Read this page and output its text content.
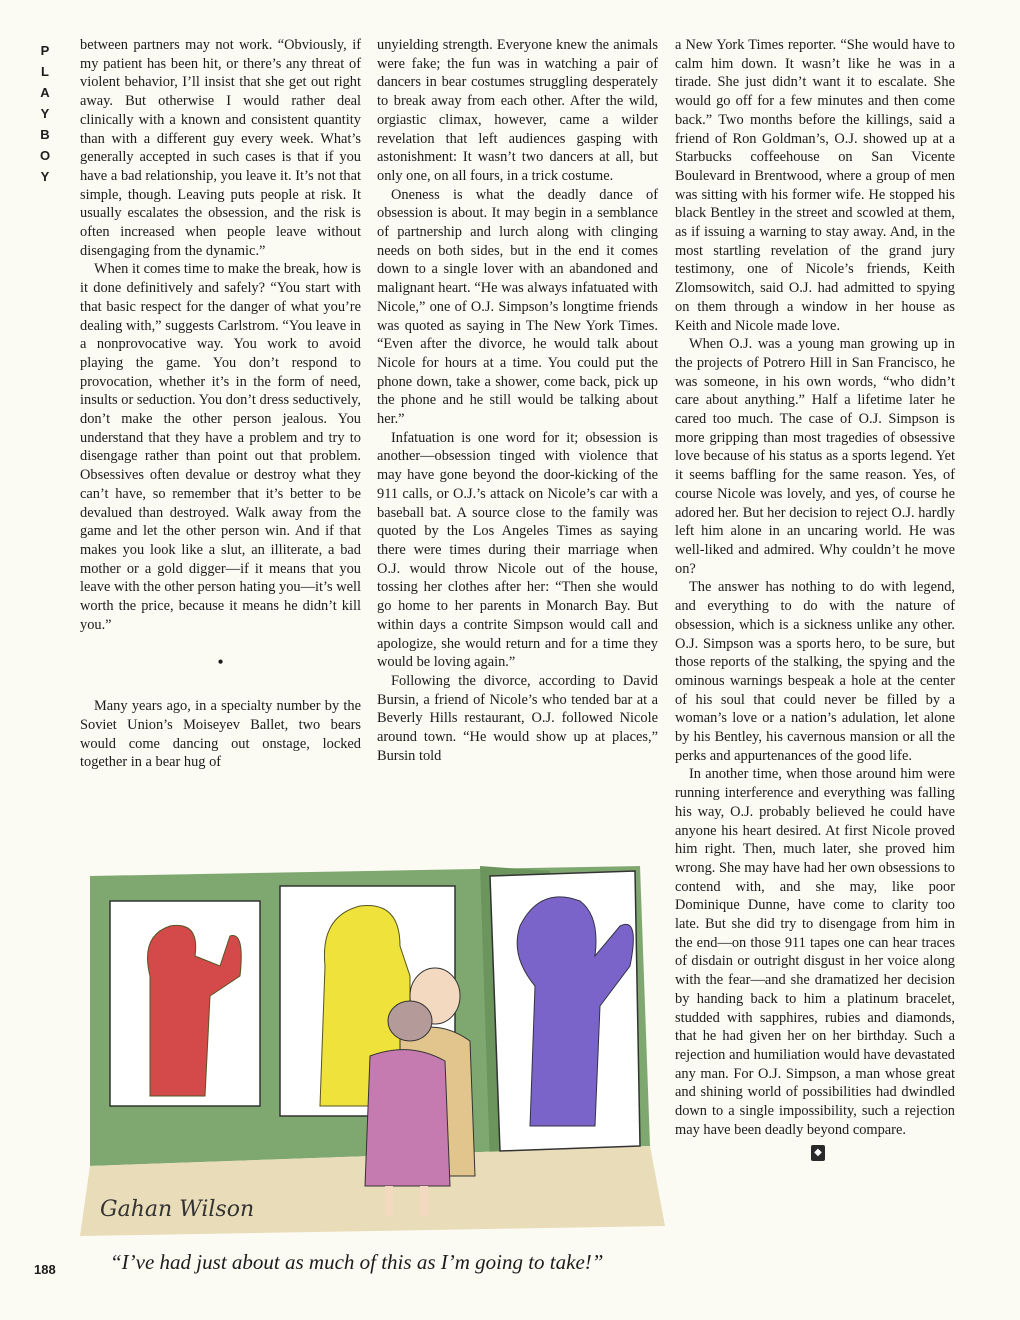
P
L
A
Y
B
O
Y

between partners may not work. “Obviously, if my patient has been hit, or there’s any threat of violent behavior, I’ll insist that she get out right away. But otherwise I would rather deal clinically with a known and consistent quantity than with a different guy every week. What’s generally accepted in such cases is that if you have a bad relationship, you leave it. It’s not that simple, though. Leaving puts people at risk. It usually escalates the obsession, and the risk is often increased when people leave without disengaging from the dynamic.”

When it comes time to make the break, how is it done definitively and safely? “You start with that basic respect for the danger of what you’re dealing with,” suggests Carlstrom. “You leave in a nonprovocative way. You work to avoid playing the game. You don’t respond to provocation, whether it’s in the form of need, insults or seduction. You don’t dress seductively, don’t make the other person jealous. You understand that they have a problem and try to disengage rather than point out that problem. Obsessives often devalue or destroy what they can’t have, so remember that it’s better to be devalued than destroyed. Walk away from the game and let the other person win. And if that makes you look like a slut, an illiterate, a bad mother or a gold digger—if it means that you leave with the other person hating you—it’s well worth the price, because it means he didn’t kill you.”

•

Many years ago, in a specialty number by the Soviet Union’s Moiseyev Ballet, two bears would come dancing out onstage, locked together in a bear hug of

unyielding strength. Everyone knew the animals were fake; the fun was in watching a pair of dancers in bear costumes struggling desperately to break away from each other. After the wild, orgiastic climax, however, came a wilder revelation that left audiences gasping with astonishment: It wasn’t two dancers at all, but only one, on all fours, in a trick costume.

Oneness is what the deadly dance of obsession is about. It may begin in a semblance of partnership and lurch along with clinging needs on both sides, but in the end it comes down to a single lover with an abandoned and malignant heart. “He was always infatuated with Nicole,” one of O.J. Simpson’s longtime friends was quoted as saying in The New York Times. “Even after the divorce, he would talk about Nicole for hours at a time. You could put the phone down, take a shower, come back, pick up the phone and he still would be talking about her.”

Infatuation is one word for it; obsession is another—obsession tinged with violence that may have gone beyond the door-kicking of the 911 calls, or O.J.’s attack on Nicole’s car with a baseball bat. A source close to the family was quoted by the Los Angeles Times as saying there were times during their marriage when O.J. would throw Nicole out of the house, tossing her clothes after her: “Then she would go home to her parents in Monarch Bay. But within days a contrite Simpson would call and apologize, she would return and for a time they would be loving again.”

Following the divorce, according to David Bursin, a friend of Nicole’s who tended bar at a Beverly Hills restaurant, O.J. followed Nicole around town. “He would show up at places,” Bursin told

a New York Times reporter. “She would have to calm him down. It wasn’t like he was in a tirade. She just didn’t want it to escalate. She would go off for a few minutes and then come back.” Two months before the killings, said a friend of Ron Goldman’s, O.J. showed up at a Starbucks coffeehouse on San Vicente Boulevard in Brentwood, where a group of men was sitting with his former wife. He stopped his black Bentley in the street and scowled at them, as if issuing a warning to stay away. And, in the most startling revelation of the grand jury testimony, one of Nicole’s friends, Keith Zlomsowitch, said O.J. had admitted to spying on them through a window in her house as Keith and Nicole made love.

When O.J. was a young man growing up in the projects of Potrero Hill in San Francisco, he was someone, in his own words, “who didn’t care about anything.” Half a lifetime later he cared too much. The case of O.J. Simpson is more gripping than most tragedies of obsessive love because of his status as a sports legend. Yet it seems baffling for the same reason. Yes, of course Nicole was lovely, and yes, of course he adored her. But her decision to reject O.J. hardly left him alone in an uncaring world. He was well-liked and admired. Why couldn’t he move on?

The answer has nothing to do with legend, and everything to do with the nature of obsession, which is a sickness unlike any other. O.J. Simpson was a sports hero, to be sure, but those reports of the stalking, the spying and the ominous warnings bespeak a hole at the center of his soul that could never be filled by a woman’s love or a nation’s adulation, let alone by his Bentley, his cavernous mansion or all the perks and appurtenances of the good life.

In another time, when those around him were running interference and everything was falling his way, O.J. probably believed he could have anyone his heart desired. At first Nicole proved him right. Then, much later, she proved him wrong. She may have had her own obsessions to contend with, and she may, like poor Dominique Dunne, have come to clarity too late. But she did try to disengage from him in the end—on those 911 tapes one can hear traces of disdain or outright disgust in her voice along with the fear—and she dramatized her decision by handing back to him a platinum bracelet, studded with sapphires, rubies and diamonds, that he had given her on her birthday. Such a rejection and humiliation would have devastated any man. For O.J. Simpson, a man whose great and shining world of possibilities had dwindled down to a single impossibility, such a rejection may have been deadly beyond compare.

◆
Gahan Wilson
“I’ve had just about as much of this as I’m going to take!”
188
